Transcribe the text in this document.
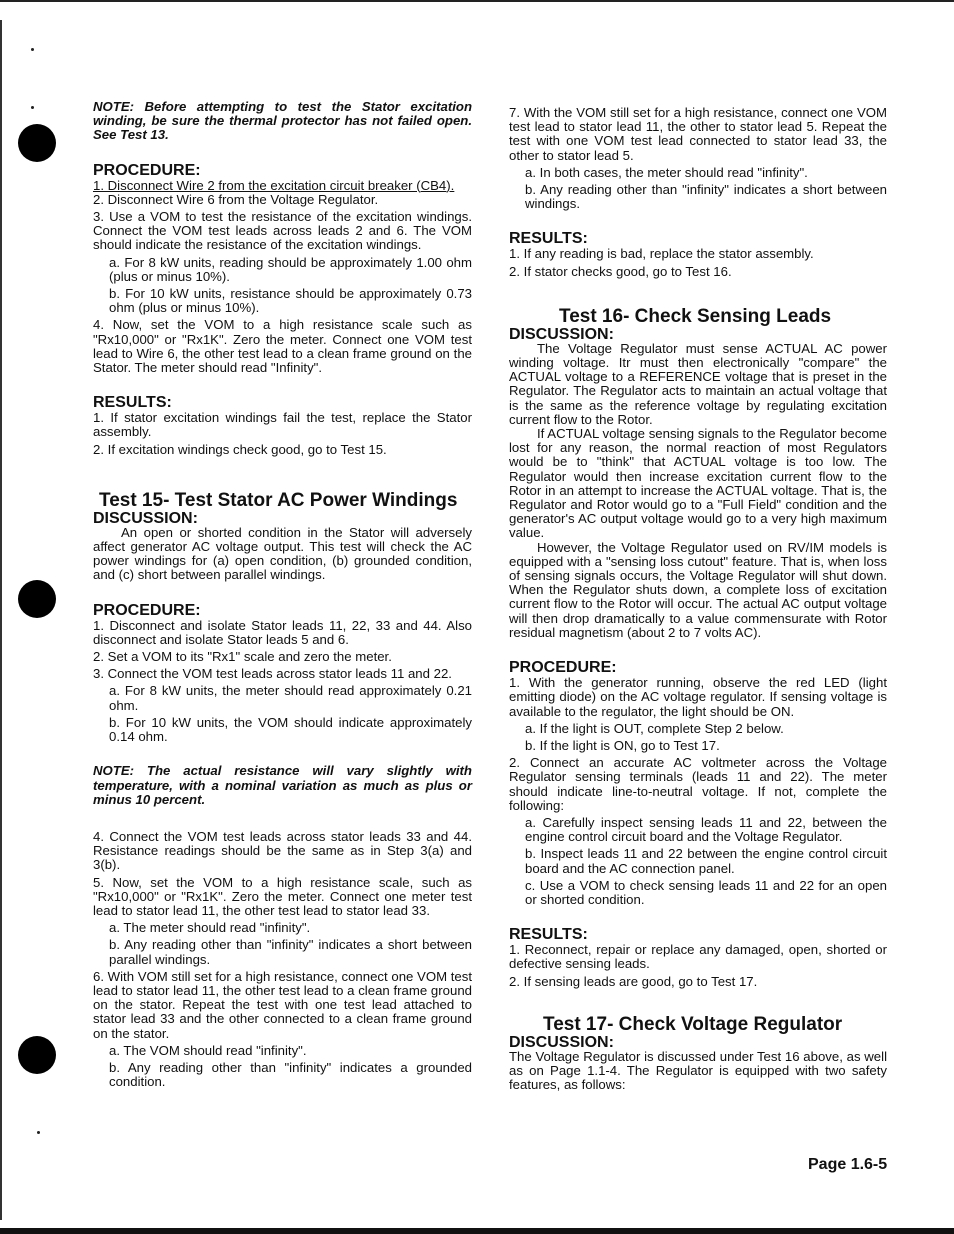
NOTE: Before attempting to test the Stator excitation winding, be sure the thermal protector has not failed open. See Test 13.

PROCEDURE:

1. Disconnect Wire 2 from the excitation circuit breaker (CB4).

2. Disconnect Wire 6 from the Voltage Regulator.

3. Use a VOM to test the resistance of the excitation windings. Connect the VOM test leads across leads 2 and 6. The VOM should indicate the resistance of the excitation windings.

a. For 8 kW units, reading should be approximately 1.00 ohm (plus or minus 10%).

b. For 10 kW units, resistance should be approximately 0.73 ohm (plus or minus 10%).

4. Now, set the VOM to a high resistance scale such as "Rx10,000" or "Rx1K". Zero the meter. Connect one VOM test lead to Wire 6, the other test lead to a clean frame ground on the Stator. The meter should read "Infinity".

RESULTS:

1. If stator excitation windings fail the test, replace the Stator assembly.

2. If excitation windings check good, go to Test 15.

Test 15- Test Stator AC Power Windings

DISCUSSION:

An open or shorted condition in the Stator will adversely affect generator AC voltage output. This test will check the AC power windings for (a) open condition, (b) grounded condition, and (c) short between parallel windings.

PROCEDURE:

1. Disconnect and isolate Stator leads 11, 22, 33 and 44. Also disconnect and isolate Stator leads 5 and 6.

2. Set a VOM to its "Rx1" scale and zero the meter.

3. Connect the VOM test leads across stator leads 11 and 22.

a. For 8 kW units, the meter should read approximately 0.21 ohm.

b. For 10 kW units, the VOM should indicate approximately 0.14 ohm.

NOTE: The actual resistance will vary slightly with temperature, with a nominal variation as much as plus or minus 10 percent.

4. Connect the VOM test leads across stator leads 33 and 44. Resistance readings should be the same as in Step 3(a) and 3(b).

5. Now, set the VOM to a high resistance scale, such as "Rx10,000" or "Rx1K". Zero the meter. Connect one meter test lead to stator lead 11, the other test lead to stator lead 33.

a. The meter should read "infinity".

b. Any reading other than "infinity" indicates a short between parallel windings.

6. With VOM still set for a high resistance, connect one VOM test lead to stator lead 11, the other test lead to a clean frame ground on the stator. Repeat the test with one test lead attached to stator lead 33 and the other connected to a clean frame ground on the stator.

a. The VOM should read "infinity".

b. Any reading other than "infinity" indicates a grounded condition.

7. With the VOM still set for a high resistance, connect one VOM test lead to stator lead 11, the other to stator lead 5. Repeat the test with one VOM test lead connected to stator lead 33, the other to stator lead 5.

a. In both cases, the meter should read "infinity".

b. Any reading other than "infinity" indicates a short between windings.

RESULTS:

1. If any reading is bad, replace the stator assembly.

2. If stator checks good, go to Test 16.

Test 16- Check Sensing Leads

DISCUSSION:

The Voltage Regulator must sense ACTUAL AC power winding voltage. Itr must then electronically "compare" the ACTUAL voltage to a REFERENCE voltage that is preset in the Regulator. The Regulator acts to maintain an actual voltage that is the same as the reference voltage by regulating excitation current flow to the Rotor.

If ACTUAL voltage sensing signals to the Regulator become lost for any reason, the normal reaction of most Regulators would be to "think" that ACTUAL voltage is too low. The Regulator would then increase excitation current flow to the Rotor in an attempt to increase the ACTUAL voltage. That is, the Regulator and Rotor would go to a "Full Field" condition and the generator's AC output voltage would go to a very high maximum value.

However, the Voltage Regulator used on RV/IM models is equipped with a "sensing loss cutout" feature. That is, when loss of sensing signals occurs, the Voltage Regulator will shut down. When the Regulator shuts down, a complete loss of excitation current flow to the Rotor will occur. The actual AC output voltage will then drop dramatically to a value commensurate with Rotor residual magnetism (about 2 to 7 volts AC).

PROCEDURE:

1. With the generator running, observe the red LED (light emitting diode) on the AC voltage regulator. If sensing voltage is available to the regulator, the light should be ON.

a. If the light is OUT, complete Step 2 below.

b. If the light is ON, go to Test 17.

2. Connect an accurate AC voltmeter across the Voltage Regulator sensing terminals (leads 11 and 22). The meter should indicate line-to-neutral voltage. If not, complete the following:

a. Carefully inspect sensing leads 11 and 22, between the engine control circuit board and the Voltage Regulator.

b. Inspect leads 11 and 22 between the engine control circuit board and the AC connection panel.

c. Use a VOM to check sensing leads 11 and 22 for an open or shorted condition.

RESULTS:

1. Reconnect, repair or replace any damaged, open, shorted or defective sensing leads.

2. If sensing leads are good, go to Test 17.

Test 17- Check Voltage Regulator

DISCUSSION:

The Voltage Regulator is discussed under Test 16 above, as well as on Page 1.1-4. The Regulator is equipped with two safety features, as follows:

Page 1.6-5
